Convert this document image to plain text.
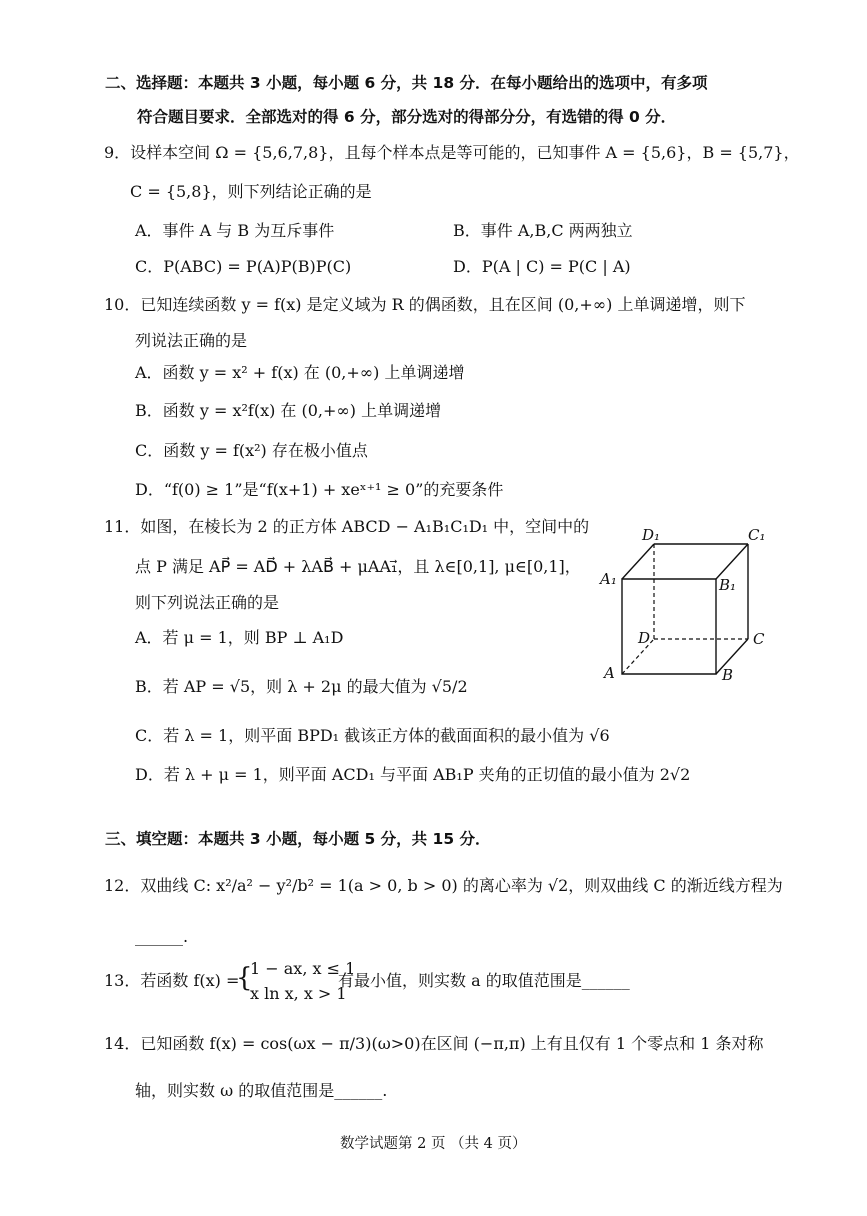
二、选择题：本题共 3 小题，每小题 6 分，共 18 分．在每小题给出的选项中，有多项
符合题目要求．全部选对的得 6 分，部分选对的得部分分，有选错的得 0 分．
9．设样本空间 Ω = {5,6,7,8}，且每个样本点是等可能的，已知事件 A = {5,6}，B = {5,7}，
C = {5,8}，则下列结论正确的是
A．事件 A 与 B 为互斥事件	B．事件 A,B,C 两两独立
C．P(ABC) = P(A)P(B)P(C)	D．P(A | C) = P(C | A)
10．已知连续函数 y = f(x) 是定义域为 R 的偶函数，且在区间 (0,+∞) 上单调递增，则下
列说法正确的是
A．函数 y = x² + f(x) 在 (0,+∞) 上单调递增
B．函数 y = x²f(x) 在 (0,+∞) 上单调递增
C．函数 y = f(x²) 存在极小值点
D．“f(0) ≥ 1”是“f(x+1) + xeˣ⁺¹ ≥ 0”的充要条件
11．如图，在棱长为 2 的正方体 ABCD − A₁B₁C₁D₁ 中，空间中的
点 P 满足 AP⃗ = AD⃗ + λAB⃗ + μAA₁⃗，且 λ∈[0,1], μ∈[0,1]，
则下列说法正确的是
A．若 μ = 1，则 BP ⊥ A₁D
B．若 AP = √5，则 λ + 2μ 的最大值为 √5/2
C．若 λ = 1，则平面 BPD₁ 截该正方体的截面面积的最小值为 √6
D．若 λ + μ = 1，则平面 ACD₁ 与平面 AB₁P 夹角的正切值的最小值为 2√2
D₁	C₁
A₁	B₁
D	C
A	B
三、填空题：本题共 3 小题，每小题 5 分，共 15 分．
12．双曲线 C: x²/a² − y²/b² = 1(a > 0, b > 0) 的离心率为 √2，则双曲线 C 的渐近线方程为
______.
13．若函数 f(x) =
{
1 − ax, x ≤ 1
x ln x, x > 1
有最小值，则实数 a 的取值范围是______
14．已知函数 f(x) = cos(ωx − π/3)(ω>0)在区间 (−π,π) 上有且仅有 1 个零点和 1 条对称
轴，则实数 ω 的取值范围是______.
数学试题第 2 页 （共 4 页）
